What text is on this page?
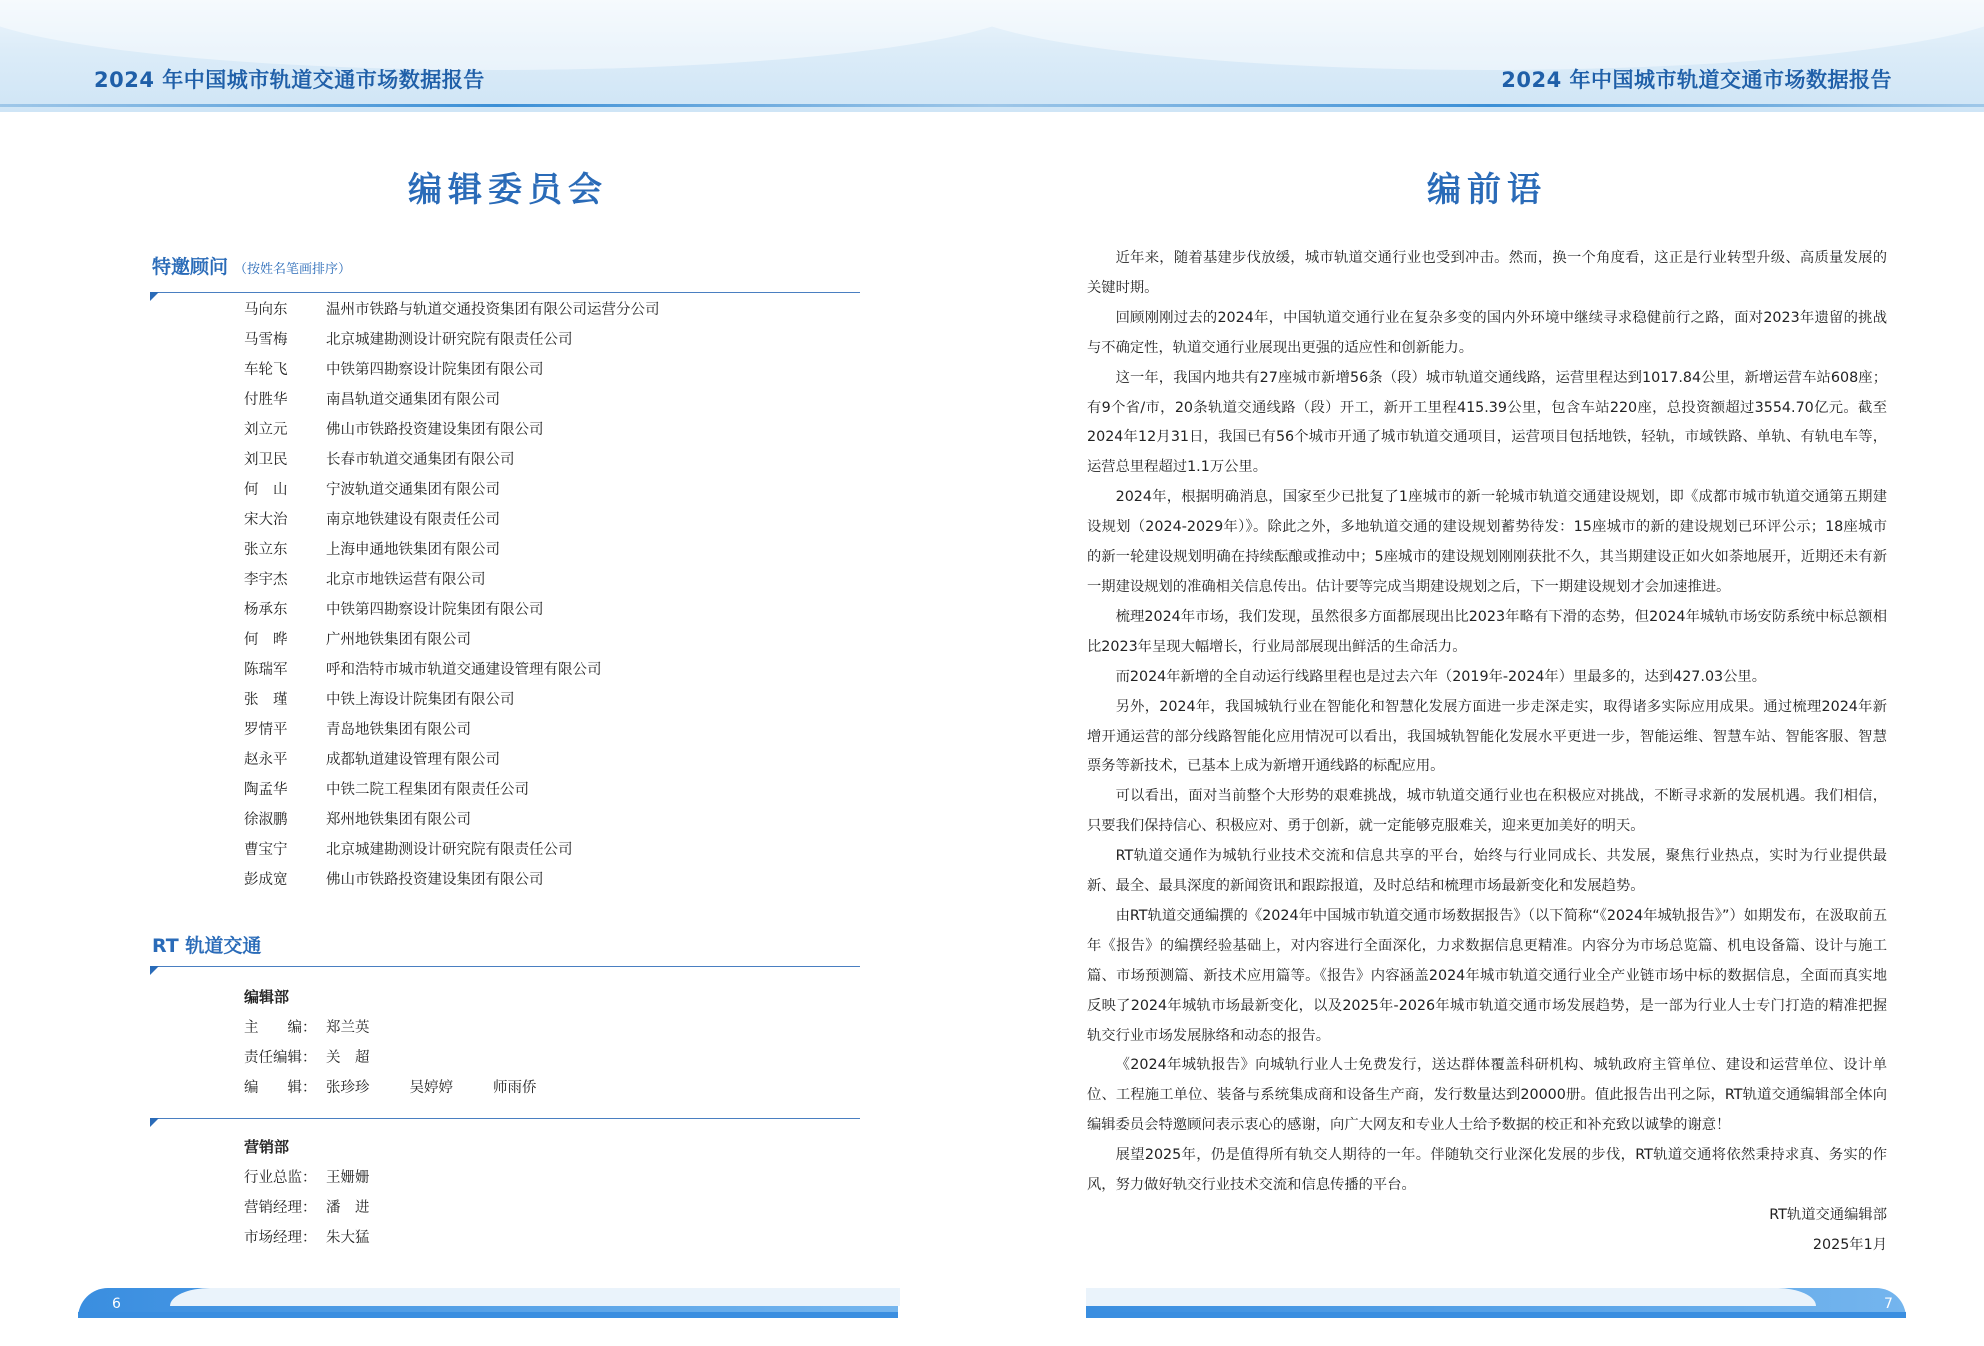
2024 年中国城市轨道交通市场数据报告
编辑委员会
特邀顾问 （按姓名笔画排序）
马向东	温州市铁路与轨道交通投资集团有限公司运营分公司
马雪梅	北京城建勘测设计研究院有限责任公司
车轮飞	中铁第四勘察设计院集团有限公司
付胜华	南昌轨道交通集团有限公司
刘立元	佛山市铁路投资建设集团有限公司
刘卫民	长春市轨道交通集团有限公司
何　山	宁波轨道交通集团有限公司
宋大治	南京地铁建设有限责任公司
张立东	上海申通地铁集团有限公司
李宇杰	北京市地铁运营有限公司
杨承东	中铁第四勘察设计院集团有限公司
何　晔	广州地铁集团有限公司
陈瑞军	呼和浩特市城市轨道交通建设管理有限公司
张　瑾	中铁上海设计院集团有限公司
罗情平	青岛地铁集团有限公司
赵永平	成都轨道建设管理有限公司
陶孟华	中铁二院工程集团有限责任公司
徐淑鹏	郑州地铁集团有限公司
曹宝宁	北京城建勘测设计研究院有限责任公司
彭成宽	佛山市铁路投资建设集团有限公司
RT 轨道交通
编辑部
主　　编： 郑兰英
责任编辑： 关　超
编　　辑： 张珍珍	吴婷婷	师雨侨
营销部
行业总监： 王姗姗
营销经理： 潘　进
市场经理： 朱大猛
6
2024 年中国城市轨道交通市场数据报告
编前语

近年来，随着基建步伐放缓，城市轨道交通行业也受到冲击。然而，换一个角度看，这正是行业转型升级、高质量发展的关键时期。

回顾刚刚过去的2024年，中国轨道交通行业在复杂多变的国内外环境中继续寻求稳健前行之路，面对2023年遗留的挑战与不确定性，轨道交通行业展现出更强的适应性和创新能力。

这一年，我国内地共有27座城市新增56条（段）城市轨道交通线路，运营里程达到1017.84公里，新增运营车站608座；有9个省/市，20条轨道交通线路（段）开工，新开工里程415.39公里，包含车站220座，总投资额超过3554.70亿元。截至2024年12月31日，我国已有56个城市开通了城市轨道交通项目，运营项目包括地铁，轻轨，市域铁路、单轨、有轨电车等，运营总里程超过1.1万公里。

2024年，根据明确消息，国家至少已批复了1座城市的新一轮城市轨道交通建设规划，即《成都市城市轨道交通第五期建设规划（2024-2029年）》。除此之外，多地轨道交通的建设规划蓄势待发：15座城市的新的建设规划已环评公示；18座城市的新一轮建设规划明确在持续酝酿或推动中；5座城市的建设规划刚刚获批不久，其当期建设正如火如荼地展开，近期还未有新一期建设规划的准确相关信息传出。估计要等完成当期建设规划之后，下一期建设规划才会加速推进。

梳理2024年市场，我们发现，虽然很多方面都展现出比2023年略有下滑的态势，但2024年城轨市场安防系统中标总额相比2023年呈现大幅增长，行业局部展现出鲜活的生命活力。

而2024年新增的全自动运行线路里程也是过去六年（2019年-2024年）里最多的，达到427.03公里。

另外，2024年，我国城轨行业在智能化和智慧化发展方面进一步走深走实，取得诸多实际应用成果。通过梳理2024年新增开通运营的部分线路智能化应用情况可以看出，我国城轨智能化发展水平更进一步，智能运维、智慧车站、智能客服、智慧票务等新技术，已基本上成为新增开通线路的标配应用。

可以看出，面对当前整个大形势的艰难挑战，城市轨道交通行业也在积极应对挑战，不断寻求新的发展机遇。我们相信，只要我们保持信心、积极应对、勇于创新，就一定能够克服难关，迎来更加美好的明天。

RT轨道交通作为城轨行业技术交流和信息共享的平台，始终与行业同成长、共发展，聚焦行业热点，实时为行业提供最新、最全、最具深度的新闻资讯和跟踪报道，及时总结和梳理市场最新变化和发展趋势。

由RT轨道交通编撰的《2024年中国城市轨道交通市场数据报告》（以下简称“《2024年城轨报告》”）如期发布，在汲取前五年《报告》的编撰经验基础上，对内容进行全面深化，力求数据信息更精准。内容分为市场总览篇、机电设备篇、设计与施工篇、市场预测篇、新技术应用篇等。《报告》内容涵盖2024年城市轨道交通行业全产业链市场中标的数据信息，全面而真实地反映了2024年城轨市场最新变化，以及2025年-2026年城市轨道交通市场发展趋势，是一部为行业人士专门打造的精准把握轨交行业市场发展脉络和动态的报告。

《2024年城轨报告》向城轨行业人士免费发行，送达群体覆盖科研机构、城轨政府主管单位、建设和运营单位、设计单位、工程施工单位、装备与系统集成商和设备生产商，发行数量达到20000册。值此报告出刊之际，RT轨道交通编辑部全体向编辑委员会特邀顾问表示衷心的感谢，向广大网友和专业人士给予数据的校正和补充致以诚挚的谢意！

展望2025年，仍是值得所有轨交人期待的一年。伴随轨交行业深化发展的步伐，RT轨道交通将依然秉持求真、务实的作风，努力做好轨交行业技术交流和信息传播的平台。

RT轨道交通编辑部

2025年1月

7
